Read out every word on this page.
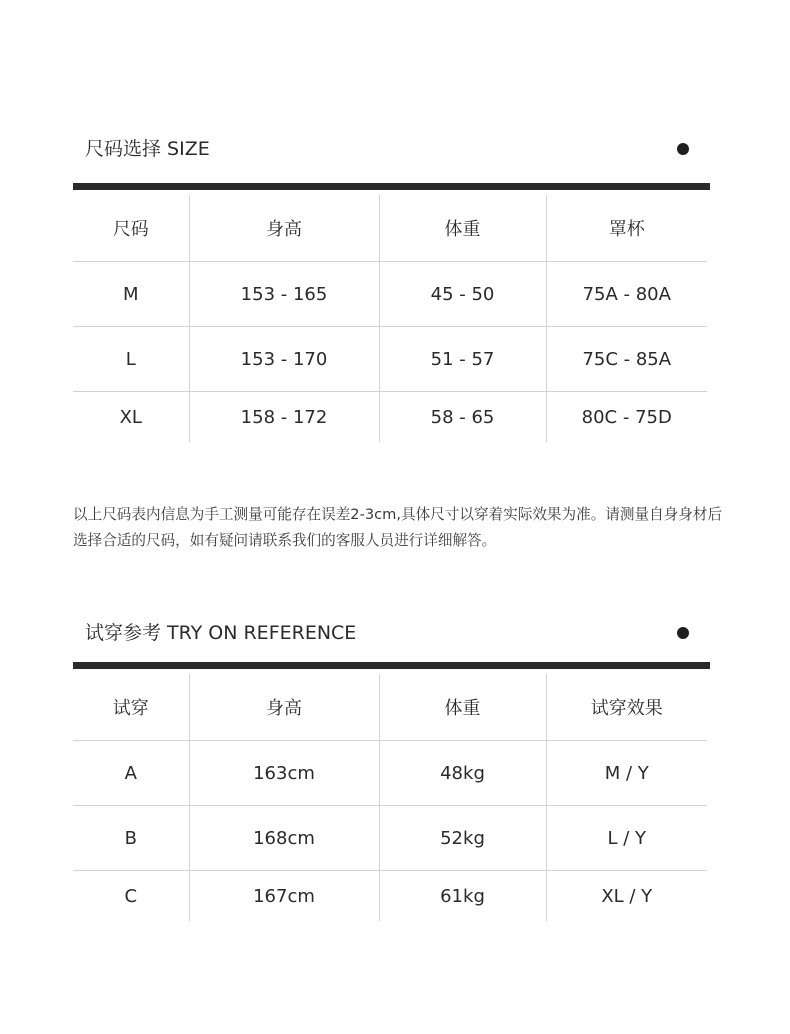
尺码选择 SIZE
尺码	身高	体重	罩杯
M	153 - 165	45 - 50	75A - 80A
L	153 - 170	51 - 57	75C - 85A
XL	158 - 172	58 - 65	80C - 75D

以上尺码表内信息为手工测量可能存在误差2-3cm,具体尺寸以穿着实际效果为准。请测量自身身材后选择合适的尺码，如有疑问请联系我们的客服人员进行详细解答。

试穿参考 TRY ON REFERENCE
试穿	身高	体重	试穿效果
A	163cm	48kg	M / Y
B	168cm	52kg	L / Y
C	167cm	61kg	XL / Y
